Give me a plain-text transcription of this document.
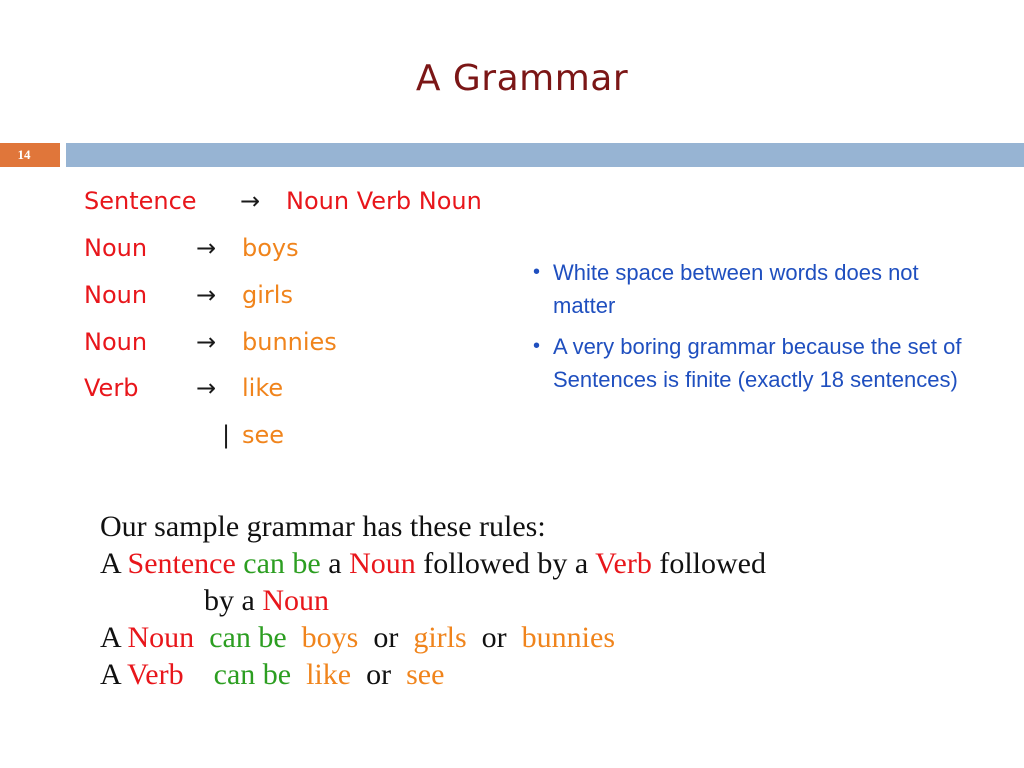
A Grammar
14
Sentence → Noun Verb Noun
Noun → boys
Noun → girls
Noun → bunnies
Verb → like
| see
• White space between words does not matter
• A very boring grammar because the set of Sentences is finite (exactly 18 sentences)
Our sample grammar has these rules:
A Sentence can be a Noun followed by a Verb followed
by a Noun
A Noun  can be  boys  or  girls  or  bunnies
A Verb    can be  like  or  see
